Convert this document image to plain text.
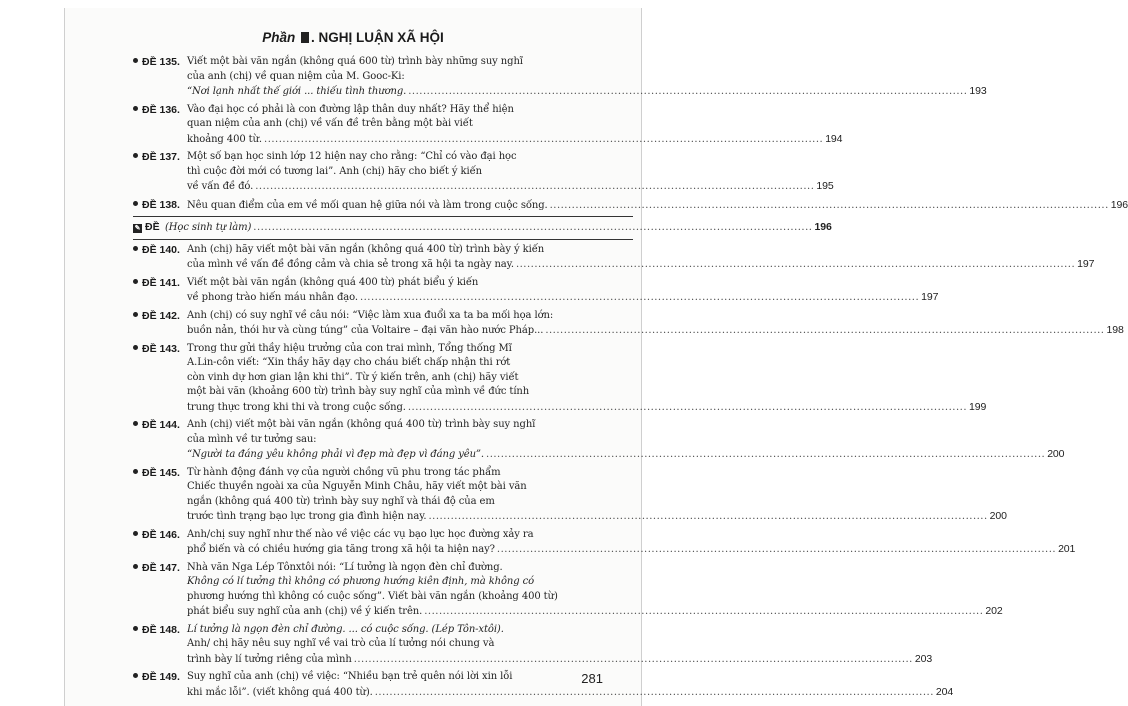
Phần . NGHỊ LUẬN XÃ HỘI
ĐỀ 135. Viết một bài văn ngắn (không quá 600 từ) trình bày những suy nghĩ
của anh (chị) về quan niệm của M. Gooc-Ki:
“Nơi lạnh nhất thế giới ... thiếu tình thương. .....	193
ĐỀ 136. Vào đại học có phải là con đường lập thân duy nhất? Hãy thể hiện
quan niệm của anh (chị) về vấn đề trên bằng một bài viết
khoảng 400 từ. .....	194
ĐỀ 137. Một số bạn học sinh lớp 12 hiện nay cho rằng: “Chỉ có vào đại học
thì cuộc đời mới có tương lai”. Anh (chị) hãy cho biết ý kiến
về vấn đề đó. .....	195
ĐỀ 138. Nêu quan điểm của em về mối quan hệ giữa nói và làm trong cuộc sống. .....	196
✎ ĐỀ (Học sinh tự làm) .....	196
ĐỀ 140. Anh (chị) hãy viết một bài văn ngắn (không quá 400 từ) trình bày ý kiến
của mình về vấn đề đồng cảm và chia sẻ trong xã hội ta ngày nay. .....	197
ĐỀ 141. Viết một bài văn ngắn (không quá 400 từ) phát biểu ý kiến
về phong trào hiến máu nhân đạo. .....	197
ĐỀ 142. Anh (chị) có suy nghĩ về câu nói: “Việc làm xua đuổi xa ta ba mối họa lớn:
buồn nản, thói hư và cùng túng” của Voltaire – đại văn hào nước Pháp... .....	198
ĐỀ 143. Trong thư gửi thầy hiệu trưởng của con trai mình, Tổng thống Mĩ
A.Lin-côn viết: “Xin thầy hãy dạy cho cháu biết chấp nhận thi rớt
còn vinh dự hơn gian lận khi thi”. Từ ý kiến trên, anh (chị) hãy viết
một bài văn (khoảng 600 từ) trình bày suy nghĩ của mình về đức tính
trung thực trong khi thi và trong cuộc sống. .....	199
ĐỀ 144. Anh (chị) viết một bài văn ngắn (không quá 400 từ) trình bày suy nghĩ
của mình về tư tưởng sau:
“Người ta đáng yêu không phải vì đẹp mà đẹp vì đáng yêu”. .....	200
ĐỀ 145. Từ hành động đánh vợ của người chồng vũ phu trong tác phẩm
Chiếc thuyền ngoài xa của Nguyễn Minh Châu, hãy viết một bài văn
ngắn (không quá 400 từ) trình bày suy nghĩ và thái độ của em
trước tình trạng bạo lực trong gia đình hiện nay. .....	200
ĐỀ 146. Anh/chị suy nghĩ như thế nào về việc các vụ bạo lực học đường xảy ra
phổ biến và có chiều hướng gia tăng trong xã hội ta hiện nay? .....	201
ĐỀ 147. Nhà văn Nga Lép Tônxtôi nói: “Lí tưởng là ngọn đèn chỉ đường.
Không có lí tưởng thì không có phương hướng kiên định, mà không có
phương hướng thì không có cuộc sống”. Viết bài văn ngắn (khoảng 400 từ)
phát biểu suy nghĩ của anh (chị) về ý kiến trên. .....	202
ĐỀ 148. Lí tưởng là ngọn đèn chỉ đường. ... có cuộc sống. (Lép Tôn-xtôi).
Anh/ chị hãy nêu suy nghĩ về vai trò của lí tưởng nói chung và
trình bày lí tưởng riêng của mình .....	203
ĐỀ 149. Suy nghĩ của anh (chị) về việc: “Nhiều bạn trẻ quên nói lời xin lỗi
khi mắc lỗi”. (viết không quá 400 từ). .....	204
281
